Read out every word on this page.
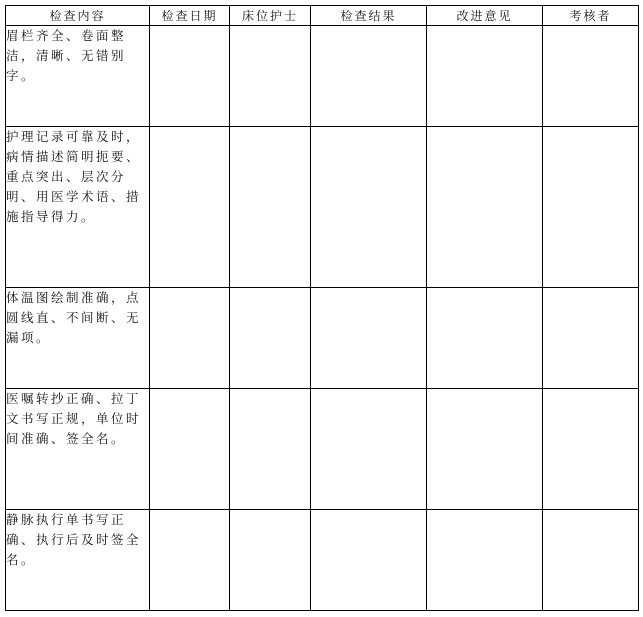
检查内容	检查日期	床位护士	检查结果	改进意见	考核者
眉栏齐全、卷面整洁，清晰、无错别字。					
护理记录可靠及时，病情描述简明扼要、重点突出、层次分明、用医学术语、措施指导得力。					
体温图绘制准确，点圆线直、不间断、无漏项。					
医嘱转抄正确、拉丁文书写正规，单位时间准确、签全名。					
静脉执行单书写正确、执行后及时签全名。					
